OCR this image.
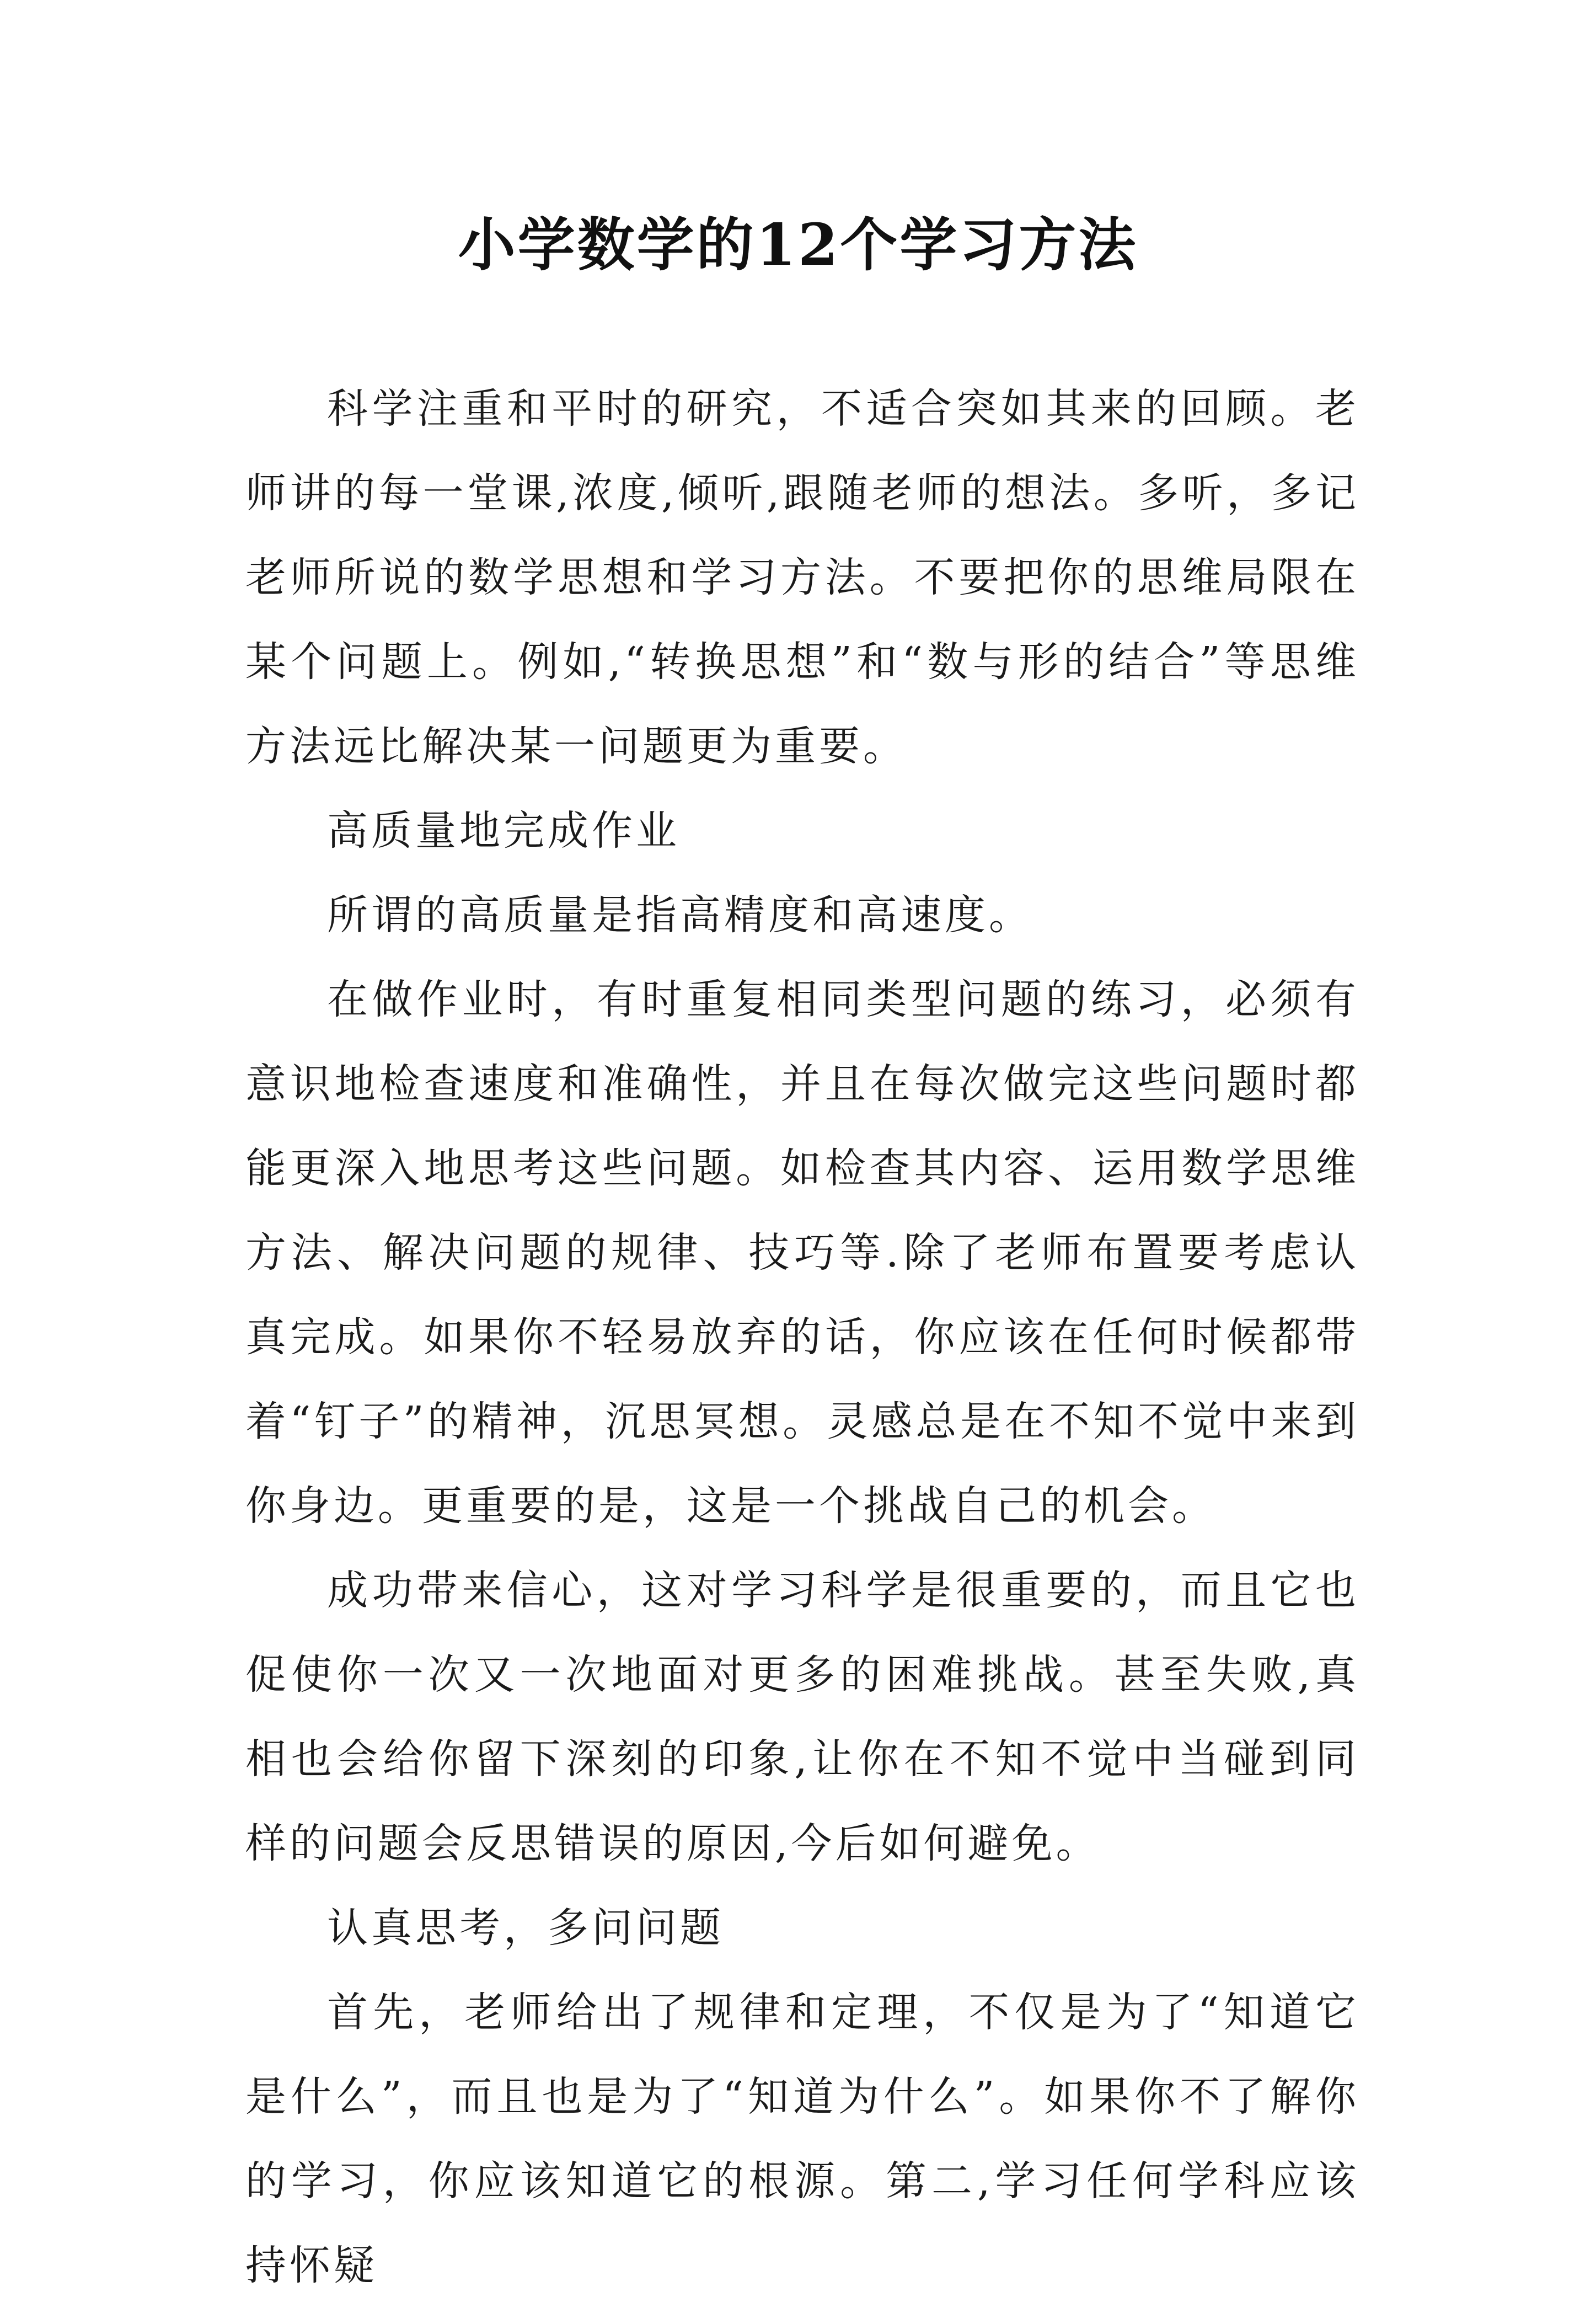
小学数学的12个学习方法

科学注重和平时的研究，不适合突如其来的回顾。老师讲的每一堂课,浓度,倾听,跟随老师的想法。多听，多记老师所说的数学思想和学习方法。不要把你的思维局限在某个问题上。例如,“转换思想”和“数与形的结合”等思维方法远比解决某一问题更为重要。

高质量地完成作业

所谓的高质量是指高精度和高速度。

在做作业时，有时重复相同类型问题的练习，必须有意识地检查速度和准确性，并且在每次做完这些问题时都能更深入地思考这些问题。如检查其内容、运用数学思维方法、解决问题的规律、技巧等.除了老师布置要考虑认真完成。如果你不轻易放弃的话，你应该在任何时候都带着“钉子”的精神，沉思冥想。灵感总是在不知不觉中来到你身边。更重要的是，这是一个挑战自己的机会。

成功带来信心，这对学习科学是很重要的，而且它也促使你一次又一次地面对更多的困难挑战。甚至失败,真相也会给你留下深刻的印象,让你在不知不觉中当碰到同样的问题会反思错误的原因,今后如何避免。

认真思考，多问问题

首先，老师给出了规律和定理，不仅是为了“知道它是什么”，而且也是为了“知道为什么”。如果你不了解你的学习，你应该知道它的根源。第二,学习任何学科应该持怀疑
